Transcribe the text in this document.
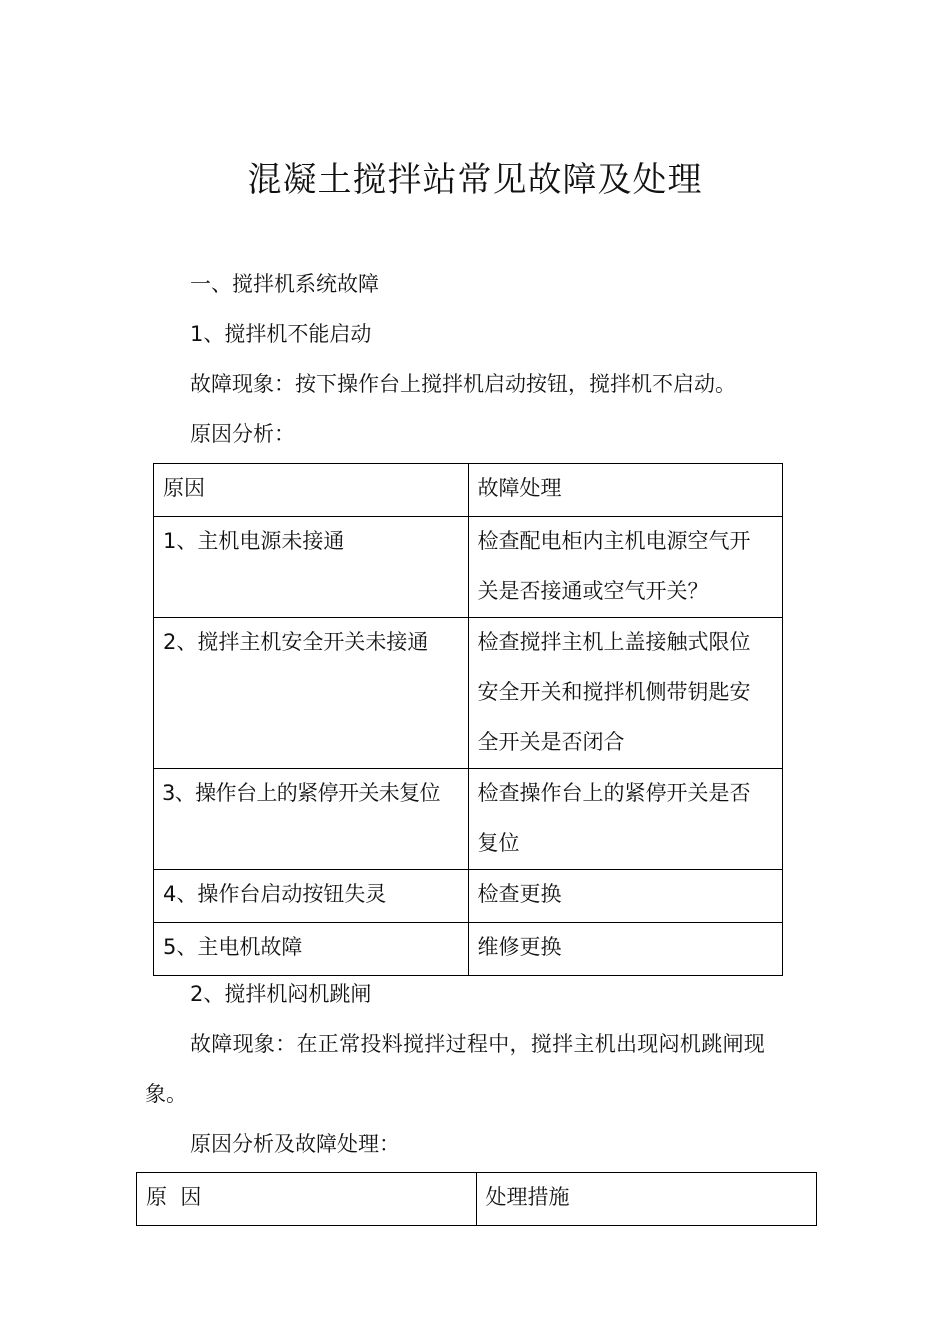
混凝土搅拌站常见故障及处理
一、搅拌机系统故障
1、搅拌机不能启动
故障现象：按下操作台上搅拌机启动按钮，搅拌机不启动。
原因分析：
原因	故障处理

1、主机电源未接通	检查配电柜内主机电源空气开
关是否接通或空气开关？

2、搅拌主机安全开关未接通	检查搅拌主机上盖接触式限位
安全开关和搅拌机侧带钥匙安
全开关是否闭合

3、操作台上的紧停开关未复位	检查操作台上的紧停开关是否
复位

4、操作台启动按钮失灵	检查更换

5、主电机故障	维修更换
2、搅拌机闷机跳闸
故障现象：在正常投料搅拌过程中，搅拌主机出现闷机跳闸现
象。
原因分析及故障处理：
原  因	处理措施
